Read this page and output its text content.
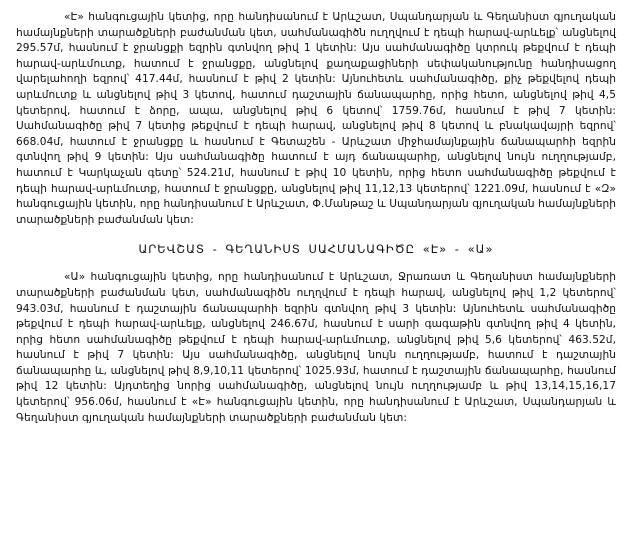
«Է» հանգուցային կետից, որը հանդիսանում է Արևշատ, Սպանդարյան և Գեղանիստ գյուղական համայնքների տարածքների բաժանման կետ, սահմանագիծն ուղղվում է դեպի հարավ-արևելք՝ անցնելով 295.57մ, հասնում է ջրանցքի եզրին գտնվող թիվ 1 կետին: Այս սահմանագիծը կտրուկ թեքվում է դեպի հարավ-արևմուտք, հատում է ջրանցքը, անցնելով քաղաքացիների սեփականությունը հանդիսացող վարելահողի եզրով՝ 417.44մ, հասնում է թիվ 2 կետին: Այնուհետև սահմանագիծը, քիչ թեքվելով դեպի արևմուտք և անցնելով թիվ 3 կետով, հատում դաշտային ճանապարհը, որից հետո, անցնելով թիվ 4,5 կետերով, հատում է ձորը, ապա, անցնելով թիվ 6 կետով՝ 1759.76մ, հասնում է թիվ 7 կետին: Սահմանագիծը թիվ 7 կետից թեքվում է դեպի հարավ, անցնելով թիվ 8 կետով և բնակավայրի եզրով՝ 668.04մ, հատում է ջրանցքը և հասնում է Գետաշեն - Արևշատ միջհամայնքային ճանապարհի եզրին գտնվող թիվ 9 կետին: Այս սահմանագիծը հատում է այդ ճանապարհը, անցնելով նույն ուղղությամբ, հատում է Կարկաչան գետը՝ 524.21մ, հասնում է թիվ 10 կետին, որից հետո սահմանագիծը թեքվում է դեպի հարավ-արևմուտք, հատում է ջրանցքը, անցնելով թիվ 11,12,13 կետերով՝ 1221.09մ, հասնում է «Զ» հանգուցային կետին, որը հանդիսանում է Արևշատ, Փ.Մանթաշ և Սպանդարյան գյուղական համայնքների տարածքների բաժանման կետ:

ԱՐԵՎՇԱՏ - ԳԵՂԱՆԻՍՏ ՍԱՀՄԱՆԱԳԻԾԸ «Է» - «Ա»

«Ա» հանգուցային կետից, որը հանդիսանում է Արևշատ, Ջրառատ և Գեղանիստ համայնքների տարածքների բաժանման կետ, սահմանագիծն ուղղվում է դեպի հարավ, անցնելով թիվ 1,2 կետերով՝ 943.03մ, հասնում է դաշտային ճանապարհի եզրին գտնվող թիվ 3 կետին: Այնուհետև սահմանագիծը թեքվում է դեպի հարավ-արևելք, անցնելով 246.67մ, հասնում է սարի գագաթին գտնվող թիվ 4 կետին, որից հետո սահմանագիծը թեքվում է դեպի հարավ-արևմուտք, անցնելով թիվ 5,6 կետերով՝ 463.52մ, հասնում է թիվ 7 կետին: Այս սահմանագիծը, անցնելով նույն ուղղությամբ, հատում է դաշտային ճանապարհը և, անցնելով թիվ 8,9,10,11 կետերով՝ 1025.93մ, հատում է դաշտային ճանապարհը, հասնում թիվ 12 կետին: Այդտեղից նորից սահմանագիծը, անցնելով նույն ուղղությամբ և թիվ 13,14,15,16,17 կետերով՝ 956.06մ, հասնում է «Է» հանգուցային կետին, որը հանդիսանում է Արևշատ, Սպանդարյան և Գեղանիստ գյուղական համայնքների տարածքների բաժանման կետ:
